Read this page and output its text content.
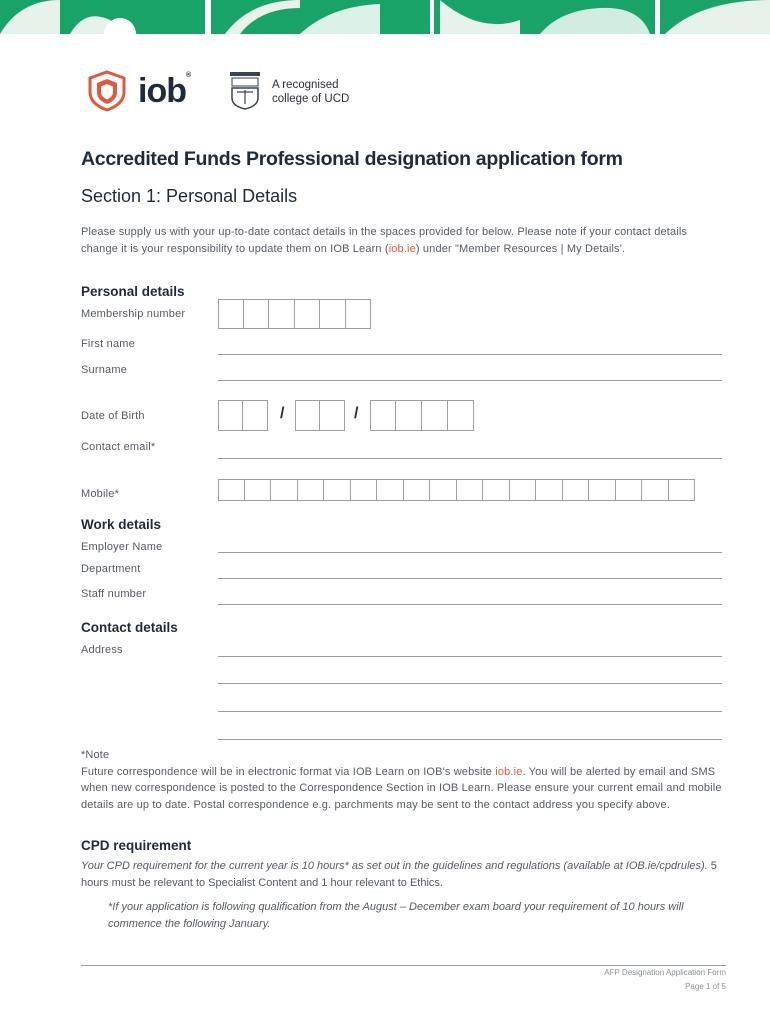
iob®
A recognised
college of UCD
Accredited Funds Professional designation application form
Section 1: Personal Details
Please supply us with your up-to-date contact details in the spaces provided for below. Please note if your contact details change it is your responsibility to update them on IOB Learn (iob.ie) under "Member Resources | My Details'.
Personal details
Membership number
First name
Surname
Date of Birth	/	/
Contact email*
Mobile*
Work details
Employer Name
Department
Staff number
Contact details
Address
*Note
Future correspondence will be in electronic format via IOB Learn on IOB's website iob.ie. You will be alerted by email and SMS when new correspondence is posted to the Correspondence Section in IOB Learn. Please ensure your current email and mobile details are up to date. Postal correspondence e.g. parchments may be sent to the contact address you specify above.
CPD requirement
Your CPD requirement for the current year is 10 hours* as set out in the guidelines and regulations (available at IOB.ie/cpdrules). 5 hours must be relevant to Specialist Content and 1 hour relevant to Ethics.
*If your application is following qualification from the August – December exam board your requirement of 10 hours will commence the following January.
AFP Designation Application Form
Page 1 of 5
